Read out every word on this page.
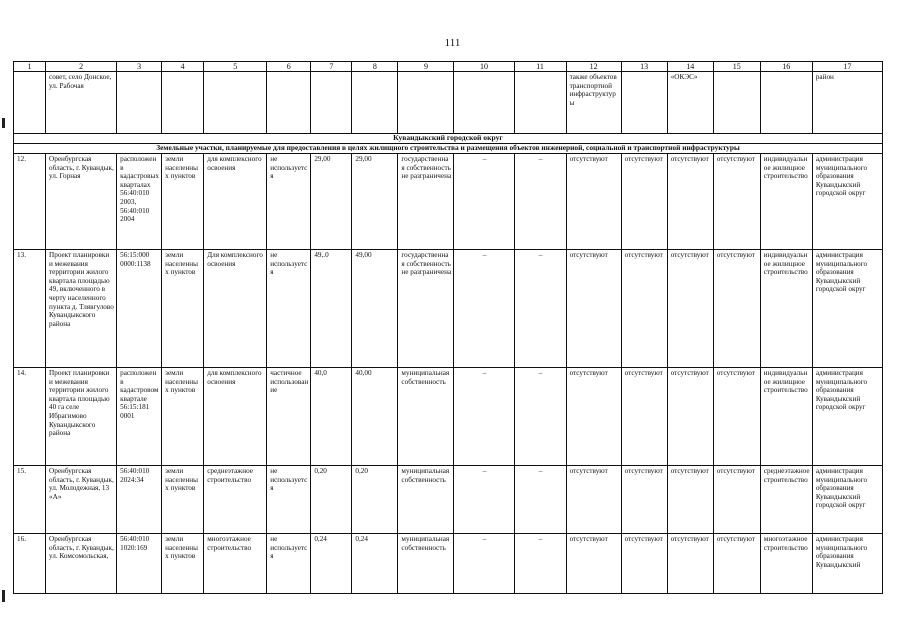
111
1	2	3	4	5	6	7	8	9	10	11	12	13	14	15	16	17
	совет, село Донское, ул. Рабочая										также объектов транспортной инфраструктуры		«ОКЭС»			район
Кувандыкский городской округ																
Земельные участки, планируемые для предоставления в целях жилищного строительства и размещения объектов инженерной, социальной и транспортной инфраструктуры																
12.	Оренбургская область, г. Кувандык, ул. Горная	расположен в кадастровых кварталах 56:40:010 2003, 56:40:010 2004	земли населенных пунктов	для комплексного освоения	не используется	29,00	29,00	государственная собственность не разграничена	–	–	отсутствуют	отсутствуют	отсутствуют	отсутствуют	индивидуальное жилищное строительство	администрация муниципального образования Кувандыкский городской округ
13.	Проект планировки и межевания территории жилого квартала площадью 49, включенного в черту населенного пункта д. Тлявгулово Кувандыкского района	56:15:000 0000:1138	земли населенных пунктов	Для комплексного освоения	не используется	49,.0	49,00	государственная собственность не разграничена	–	–	отсутствуют	отсутствуют	отсутствуют	отсутствуют	индивидуальное жилищное строительство	администрация муниципального образования Кувандыкский городской округ
14.	Проект планировки и межевания территории жилого квартала площадью 40 га селе Ибрагимово Кувандыкского района	расположен в кадастровом квартале 56:15:181 0001	земли населенных пунктов	для комплексного освоения	частичное использование	40,0	40,00	муниципальная собственность	–	–	отсутствуют	отсутствуют	отсутствуют	отсутствуют	индивидуальное жилищное строительство	администрация муниципального образования Кувандыкский городской округ
15.	Оренбургская область, г. Кувандык, ул. Молодежная, 13 «А»	56:40:010 2024:34	земли населенных пунктов	среднеэтажное строительство	не используется	0,20	0,20	муниципальная собственность	–	–	отсутствуют	отсутствуют	отсутствуют	отсутствуют	среднеэтажное строительство	администрация муниципального образования Кувандыкский городской округ
16.	Оренбургская область, г. Кувандык, ул. Комсомольская,	56:40:010 1020:169	земли населенных пунктов	многоэтажное строительство	не используется	0,24	0,24	муниципальная собственность	–	–	отсутствуют	отсутствуют	отсутствуют	отсутствуют	многоэтажное строительство	администрация муниципального образования Кувандыкский
